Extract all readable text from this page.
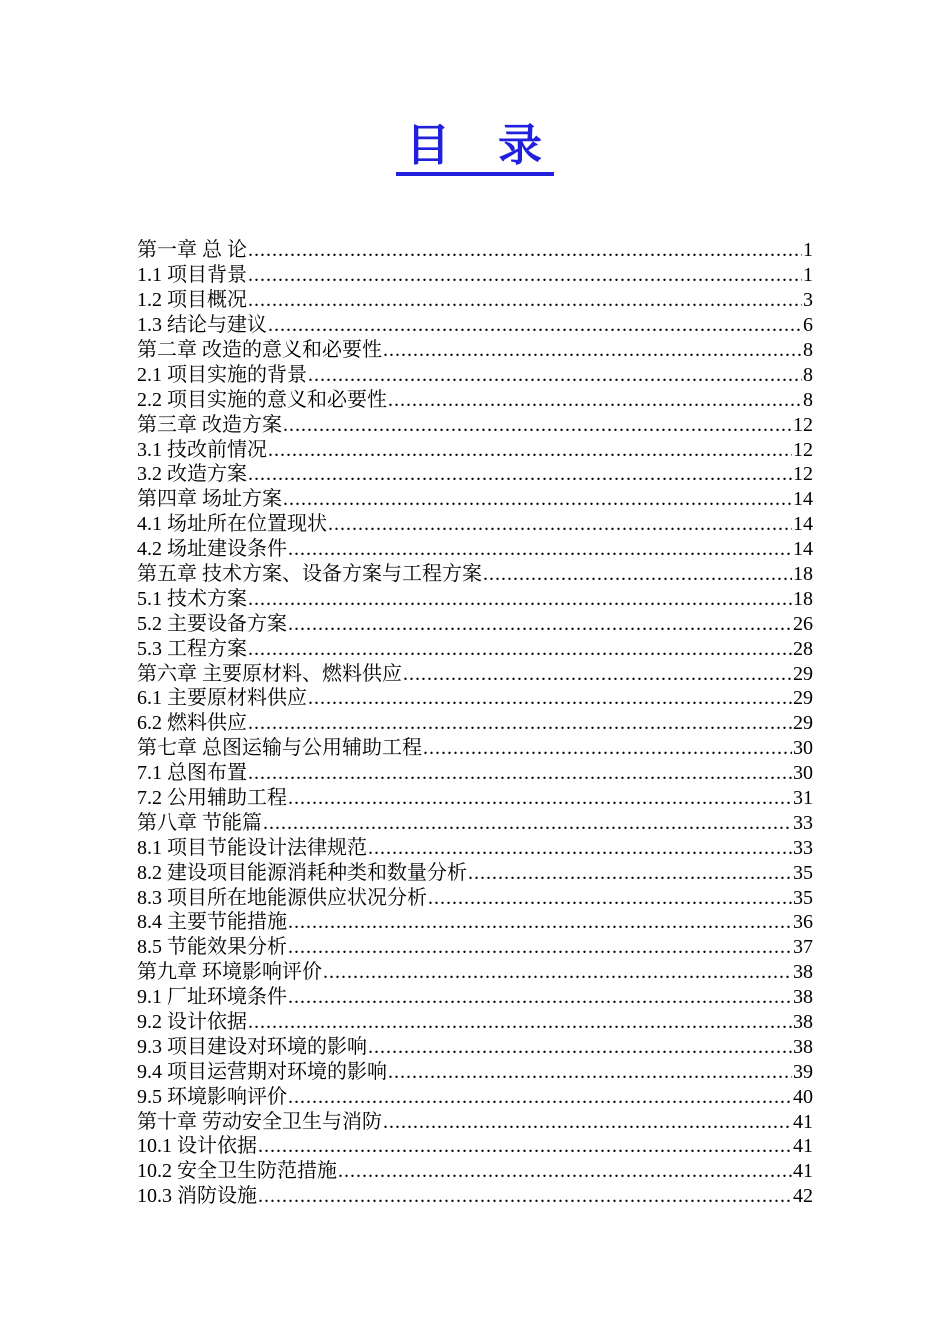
目　录
第一章 总 论 .....	1
1.1 项目背景 .....	1
1.2 项目概况 .....	3
1.3 结论与建议 .....	6
第二章 改造的意义和必要性 .....	8
2.1 项目实施的背景 .....	8
2.2 项目实施的意义和必要性 .....	8
第三章 改造方案 .....	12
3.1 技改前情况 .....	12
3.2 改造方案 .....	12
第四章 场址方案 .....	14
4.1 场址所在位置现状 .....	14
4.2 场址建设条件 .....	14
第五章 技术方案、设备方案与工程方案 .....	18
5.1 技术方案 .....	18
5.2 主要设备方案 .....	26
5.3 工程方案 .....	28
第六章 主要原材料、燃料供应 .....	29
6.1 主要原材料供应 .....	29
6.2 燃料供应 .....	29
第七章 总图运输与公用辅助工程 .....	30
7.1 总图布置 .....	30
7.2 公用辅助工程 .....	31
第八章 节能篇 .....	33
8.1 项目节能设计法律规范 .....	33
8.2 建设项目能源消耗种类和数量分析 .....	35
8.3 项目所在地能源供应状况分析 .....	35
8.4 主要节能措施 .....	36
8.5 节能效果分析 .....	37
第九章 环境影响评价 .....	38
9.1 厂址环境条件 .....	38
9.2 设计依据 .....	38
9.3 项目建设对环境的影响 .....	38
9.4 项目运营期对环境的影响 .....	39
9.5 环境影响评价 .....	40
第十章 劳动安全卫生与消防 .....	41
10.1 设计依据 .....	41
10.2 安全卫生防范措施 .....	41
10.3 消防设施 .....	42
